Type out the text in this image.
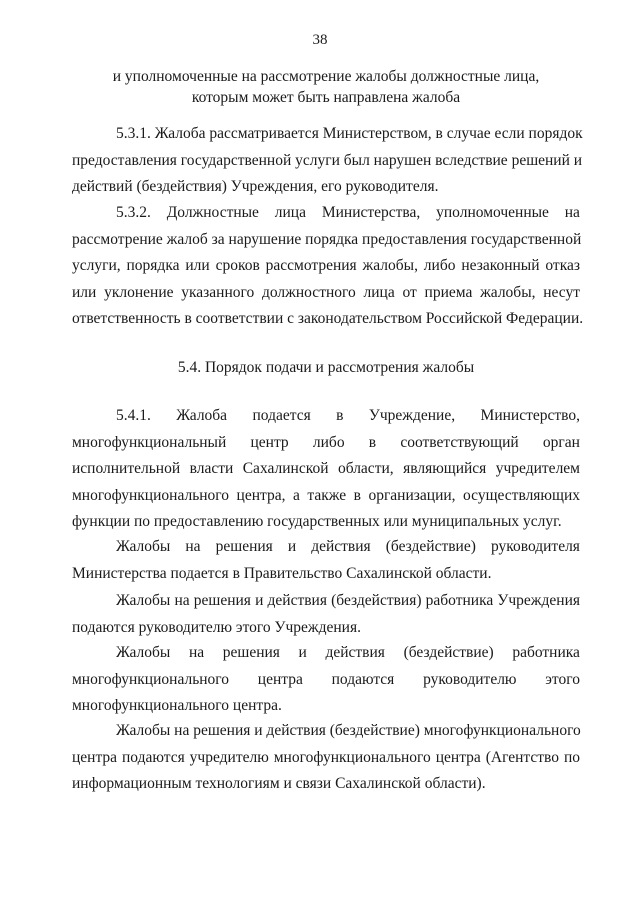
38
и уполномоченные на рассмотрение жалобы должностные лица,
которым может быть направлена жалоба
5.3.1. Жалоба рассматривается Министерством, в случае если порядок
предоставления государственной услуги был нарушен вследствие решений и
действий (бездействия) Учреждения, его руководителя.
5.3.2. Должностные лица Министерства, уполномоченные на
рассмотрение жалоб за нарушение порядка предоставления государственной
услуги, порядка или сроков рассмотрения жалобы, либо незаконный отказ
или уклонение указанного должностного лица от приема жалобы, несут
ответственность в соответствии с законодательством Российской Федерации.
5.4. Порядок подачи и рассмотрения жалобы
5.4.1. Жалоба подается в Учреждение, Министерство,
многофункциональный центр либо в соответствующий орган
исполнительной власти Сахалинской области, являющийся учредителем
многофункционального центра, а также в организации, осуществляющих
функции по предоставлению государственных или муниципальных услуг.
Жалобы на решения и действия (бездействие) руководителя
Министерства подается в Правительство Сахалинской области.
Жалобы на решения и действия (бездействия) работника Учреждения
подаются руководителю этого Учреждения.
Жалобы на решения и действия (бездействие) работника
многофункционального центра подаются руководителю этого
многофункционального центра.
Жалобы на решения и действия (бездействие) многофункционального
центра подаются учредителю многофункционального центра (Агентство по
информационным технологиям и связи Сахалинской области).
